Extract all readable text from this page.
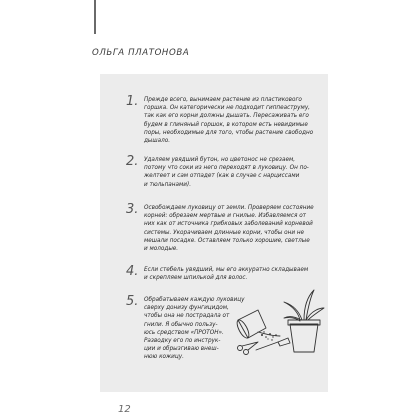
ОЛЬГА ПЛАТОНОВА
1. Прежде всего, вынимаем растение из пластикового
горшка. Он категорически не подходит гиппеаструму,
так как его корни должны дышать. Пересаживать его
будем в глиняный горшок, в котором есть невидимые
поры, необходимые для того, чтобы растение свободно
дышало.
2. Удаляем увядший бутон, но цветонос не срезаем,
потому что соки из него переходят в луковицу. Он по-
желтеет и сам отпадет (как в случае с нарциссами
и тюльпанами).
3. Освобождаем луковицу от земли. Проверяем состояние
корней: обрезаем мертвые и гнилые. Избавляемся от
них как от источника грибковых заболеваний корневой
системы. Укорачиваем длинные корни, чтобы они не
мешали посадке. Оставляем только хорошие, светлые
и молодые.
4. Если стебель увядший, мы его аккуратно складываем
и скрепляем шпилькой для волос.
5. Обрабатываем каждую луковицу
сверху донизу фунгицидом,
чтобы она не пострадала от
гнили. Я обычно пользу-
юсь средством «ПРОТОН».
Разводку его по инструк-
ции и обрызгиваю внеш-
нюю кожицу.
12
